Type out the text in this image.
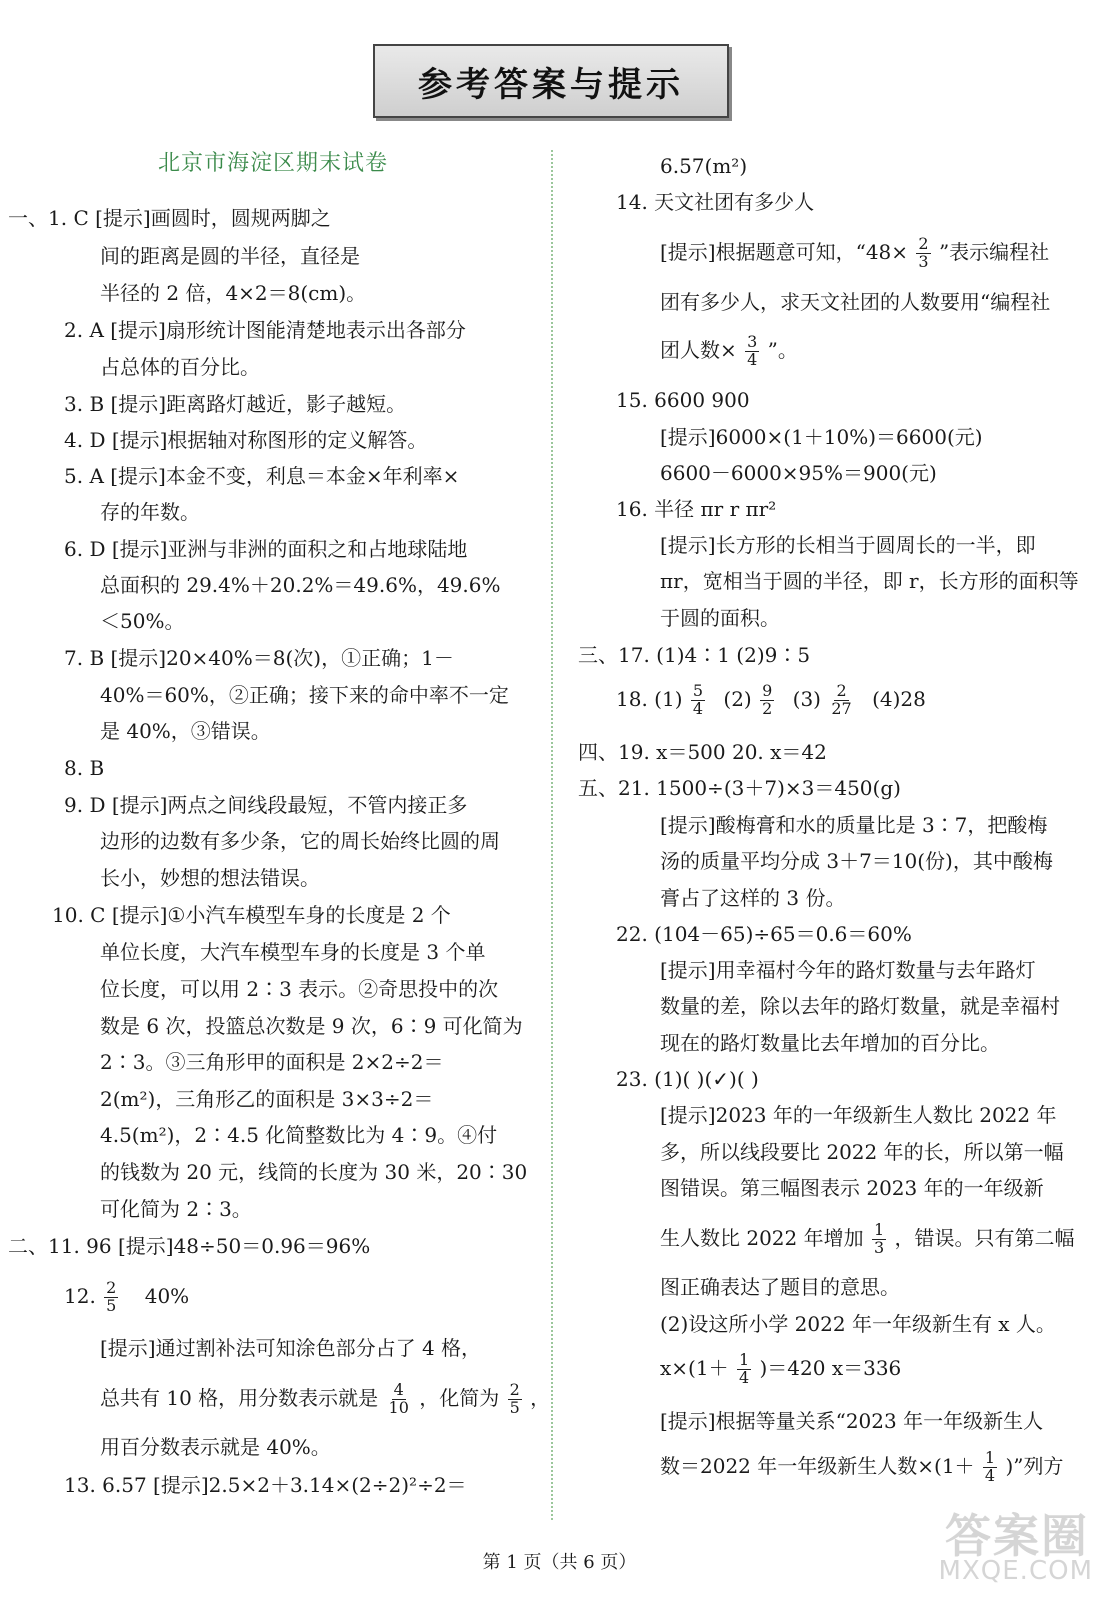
参考答案与提示
北京市海淀区期末试卷
一、1. C [提示]画圆时，圆规两脚之
间的距离是圆的半径，直径是
半径的 2 倍，4×2＝8(cm)。
2. A [提示]扇形统计图能清楚地表示出各部分
占总体的百分比。
3. B [提示]距离路灯越近，影子越短。
4. D [提示]根据轴对称图形的定义解答。
5. A [提示]本金不变，利息＝本金×年利率×
存的年数。
6. D [提示]亚洲与非洲的面积之和占地球陆地
总面积的 29.4%＋20.2%＝49.6%，49.6%
＜50%。
7. B [提示]20×40%＝8(次)，①正确；1－
40%＝60%，②正确；接下来的命中率不一定
是 40%，③错误。
8. B
9. D [提示]两点之间线段最短，不管内接正多
边形的边数有多少条，它的周长始终比圆的周
长小，妙想的想法错误。
10. C [提示]①小汽车模型车身的长度是 2 个
单位长度，大汽车模型车身的长度是 3 个单
位长度，可以用 2∶3 表示。②奇思投中的次
数是 6 次，投篮总次数是 9 次，6∶9 可化简为
2∶3。③三角形甲的面积是 2×2÷2＝
2(m²)，三角形乙的面积是 3×3÷2＝
4.5(m²)，2∶4.5 化简整数比为 4∶9。④付
的钱数为 20 元，线筒的长度为 30 米，20∶30
可化简为 2∶3。
二、11. 96 [提示]48÷50＝0.96＝96%
12. $\frac{2}{5} 40\%$
[提示]通过割补法可知涂色部分占了 4 格，
总共有 10 格，用分数表示就是 $\frac{4}{10}$ ，化简为 $\frac{2}{5}$ ，
用百分数表示就是 40%。
13. 6.57 [提示]2.5×2＋3.14×(2÷2)²÷2＝
6.57(m²)
14. 天文社团有多少人
[提示]根据题意可知，“$48\times \frac{2}{3}$ ”表示编程社
团有多少人，求天文社团的人数要用“编程社
团人数× $\frac{3}{4}$ ”。
15. 6600 900
[提示]6000×(1＋10%)＝6600(元)
6600－6000×95%＝900(元)
16. 半径 πr r πr²
[提示]长方形的长相当于圆周长的一半，即
πr，宽相当于圆的半径，即 r，长方形的面积等
于圆的面积。
三、17. (1)4∶1 (2)9∶5
18. $(1) \frac{5}{4} (2) \frac{9}{2} (3) \frac{2}{27} (4)28$
四、19. x＝500 20. x＝42
五、21. 1500÷(3＋7)×3＝450(g)
[提示]酸梅膏和水的质量比是 3∶7，把酸梅
汤的质量平均分成 3＋7＝10(份)，其中酸梅
膏占了这样的 3 份。
22. (104－65)÷65＝0.6＝60%
[提示]用幸福村今年的路灯数量与去年路灯
数量的差，除以去年的路灯数量，就是幸福村
现在的路灯数量比去年增加的百分比。
23. (1)( )(✓)( )
[提示]2023 年的一年级新生人数比 2022 年
多，所以线段要比 2022 年的长，所以第一幅
图错误。第三幅图表示 2023 年的一年级新
生人数比 2022 年增加 $\frac{1}{3}$ ，错误。只有第二幅
图正确表达了题目的意思。
(2)设这所小学 2022 年一年级新生有 x 人。
$x\times(1+ \frac{1}{4} )=420$ x＝336
[提示]根据等量关系“2023 年一年级新生人
数＝2022 年一年级新生人数$\times(1+ \frac{1}{4}$ )”列方
第 1 页（共 6 页）	答案圈
MXQE.COM
